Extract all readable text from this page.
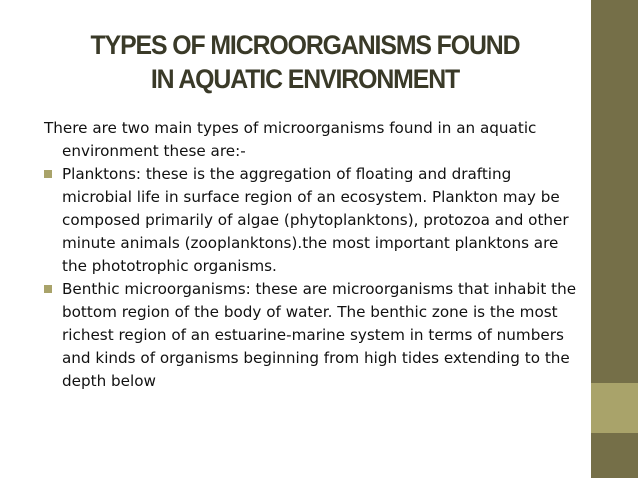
TYPES OF MICROORGANISMS FOUND
IN AQUATIC ENVIRONMENT

There are two main types of microorganisms found in an aquatic environment these are:-

Planktons: these is the aggregation of floating and drafting microbial life in surface region of an ecosystem. Plankton may be composed primarily of algae (phytoplanktons), protozoa and other minute animals (zooplanktons).the most important planktons are the phototrophic organisms.
Benthic microorganisms: these are microorganisms that inhabit the bottom region of the body of water. The benthic zone is the most richest region of an estuarine-marine system in terms of numbers and kinds of organisms beginning from high tides extending to the depth below
